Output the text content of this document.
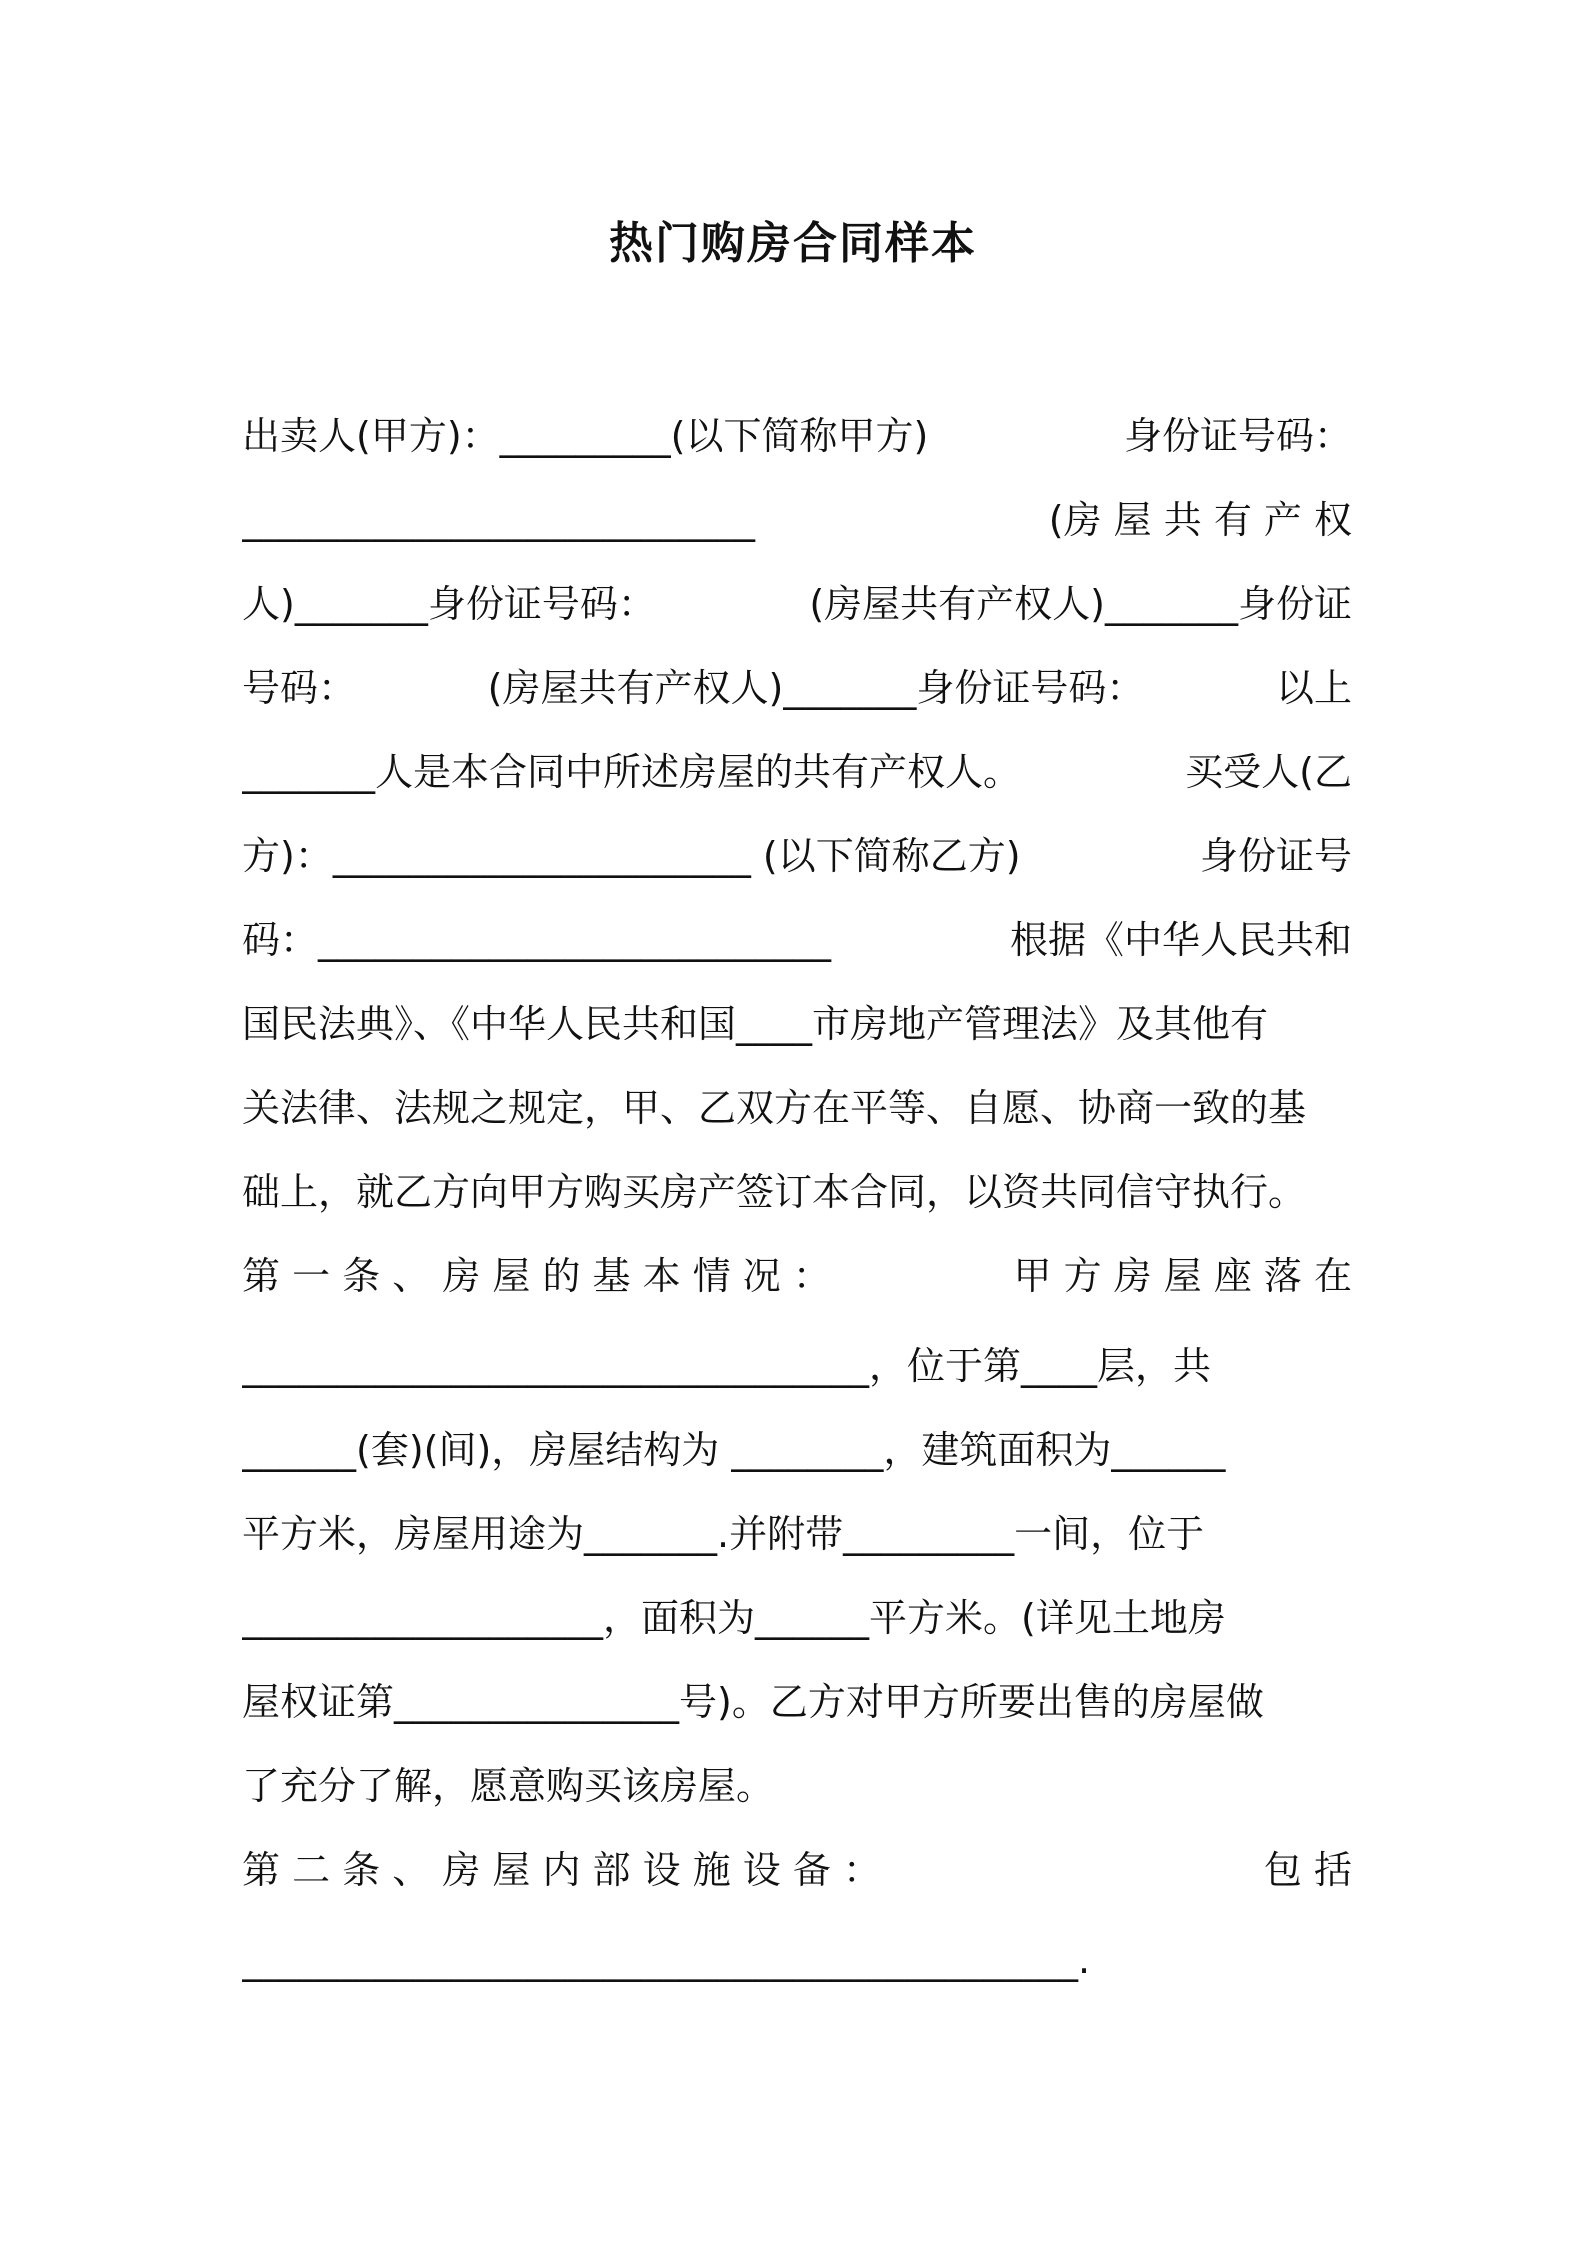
热门购房合同样本
出卖人(甲方)：_________(以下简称甲方)	身份证号码：
___________________________	(房 屋 共 有 产 权
人)_______身份证号码：	(房屋共有产权人)_______身份证
号码：	(房屋共有产权人)_______身份证号码：	以上
_______人是本合同中所述房屋的共有产权人。	买受人(乙
方)：______________________ (以下简称乙方)	身份证号
码：___________________________	根据《中华人民共和
国民法典》、《中华人民共和国____市房地产管理法》及其他有
关法律、法规之规定，甲、乙双方在平等、自愿、协商一致的基
础上，就乙方向甲方购买房产签订本合同，以资共同信守执行。
第 一 条 、 房 屋 的 基 本 情 况 ：	甲 方 房 屋 座 落 在
_________________________________，位于第____层，共
______(套)(间)，房屋结构为 ________，建筑面积为______
平方米，房屋用途为_______.并附带_________一间，位于
___________________，面积为______平方米。(详见土地房
屋权证第_______________号)。乙方对甲方所要出售的房屋做
了充分了解，愿意购买该房屋。
第 二 条 、 房 屋 内 部 设 施 设 备 ：	包 括
____________________________________________.
